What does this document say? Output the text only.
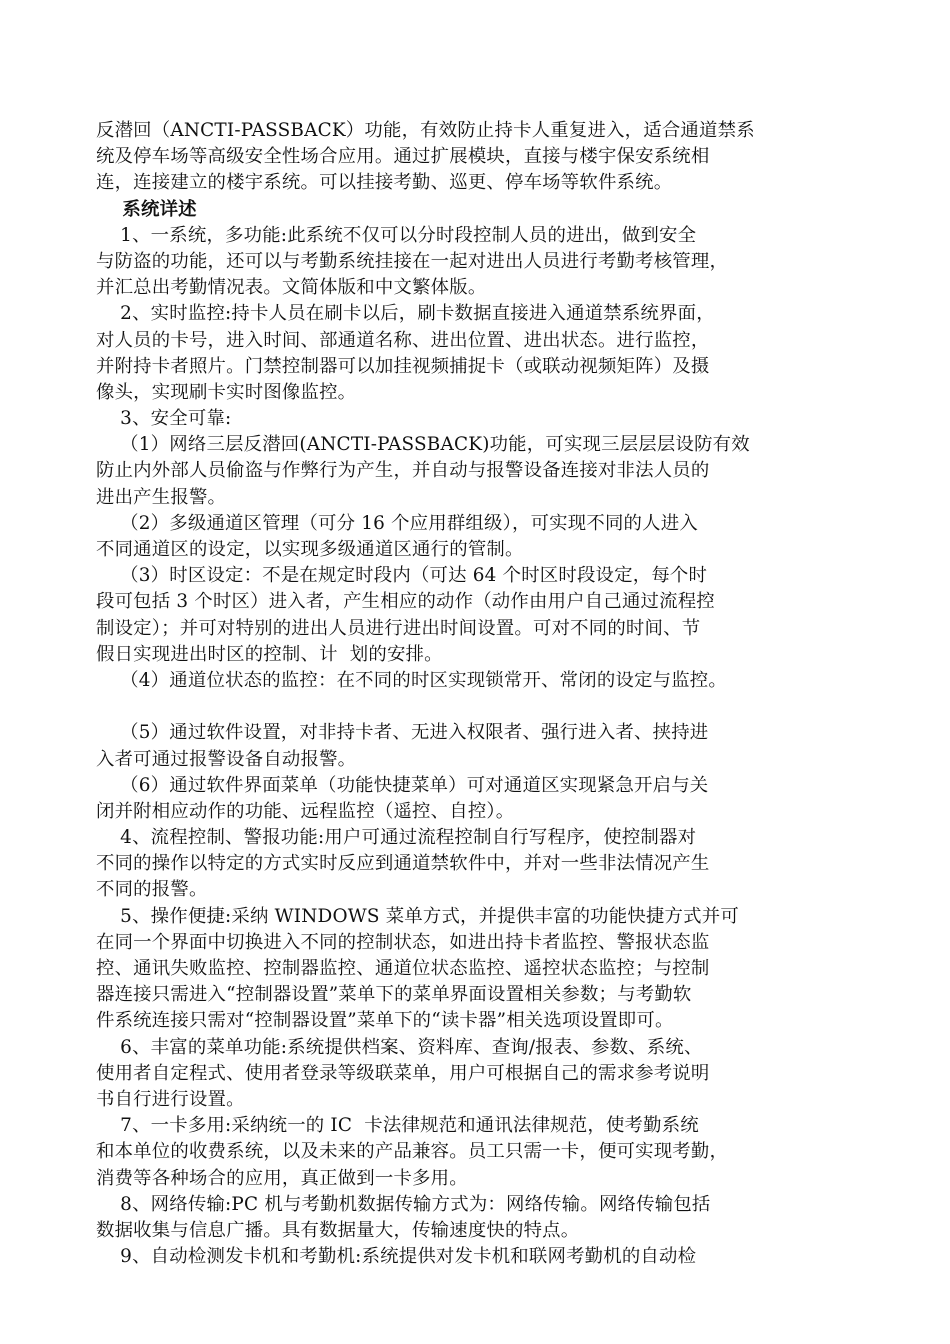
反潜回（ANCTI-PASSBACK）功能，有效防止持卡人重复进入，适合通道禁系
统及停车场等高级安全性场合应用。通过扩展模块，直接与楼宇保安系统相
连，连接建立的楼宇系统。可以挂接考勤、巡更、停车场等软件系统。
系统详述
1、一系统，多功能:此系统不仅可以分时段控制人员的进出，做到安全
与防盗的功能，还可以与考勤系统挂接在一起对进出人员进行考勤考核管理，
并汇总出考勤情况表。文简体版和中文繁体版。
2、实时监控:持卡人员在刷卡以后，刷卡数据直接进入通道禁系统界面，
对人员的卡号，进入时间、部通道名称、进出位置、进出状态。进行监控，
并附持卡者照片。门禁控制器可以加挂视频捕捉卡（或联动视频矩阵）及摄
像头，实现刷卡实时图像监控。
3、安全可靠:
（1）网络三层反潜回(ANCTI-PASSBACK)功能，可实现三层层层设防有效
防止内外部人员偷盗与作弊行为产生，并自动与报警设备连接对非法人员的
进出产生报警。
（2）多级通道区管理（可分 16 个应用群组级），可实现不同的人进入
不同通道区的设定，以实现多级通道区通行的管制。
（3）时区设定：不是在规定时段内（可达 64 个时区时段设定，每个时
段可包括 3 个时区）进入者，产生相应的动作（动作由用户自己通过流程控
制设定）；并可对特别的进出人员进行进出时间设置。可对不同的时间、节
假日实现进出时区的控制、计  划的安排。
（4）通道位状态的监控：在不同的时区实现锁常开、常闭的设定与监控。
（5）通过软件设置，对非持卡者、无进入权限者、强行进入者、挟持进
入者可通过报警设备自动报警。
（6）通过软件界面菜单（功能快捷菜单）可对通道区实现紧急开启与关
闭并附相应动作的功能、远程监控（遥控、自控）。
4、流程控制、警报功能:用户可通过流程控制自行写程序，使控制器对
不同的操作以特定的方式实时反应到通道禁软件中，并对一些非法情况产生
不同的报警。
5、操作便捷:采纳 WINDOWS 菜单方式，并提供丰富的功能快捷方式并可
在同一个界面中切换进入不同的控制状态，如进出持卡者监控、警报状态监
控、通讯失败监控、控制器监控、通道位状态监控、遥控状态监控；与控制
器连接只需进入“控制器设置”菜单下的菜单界面设置相关参数；与考勤软
件系统连接只需对“控制器设置”菜单下的“读卡器”相关选项设置即可。
6、丰富的菜单功能:系统提供档案、资料库、查询/报表、参数、系统、
使用者自定程式、使用者登录等级联菜单，用户可根据自己的需求参考说明
书自行进行设置。
7、一卡多用:采纳统一的 IC  卡法律规范和通讯法律规范，使考勤系统
和本单位的收费系统，以及未来的产品兼容。员工只需一卡，便可实现考勤，
消费等各种场合的应用，真正做到一卡多用。
8、网络传输:PC 机与考勤机数据传输方式为：网络传输。网络传输包括
数据收集与信息广播。具有数据量大，传输速度快的特点。
9、自动检测发卡机和考勤机:系统提供对发卡机和联网考勤机的自动检
